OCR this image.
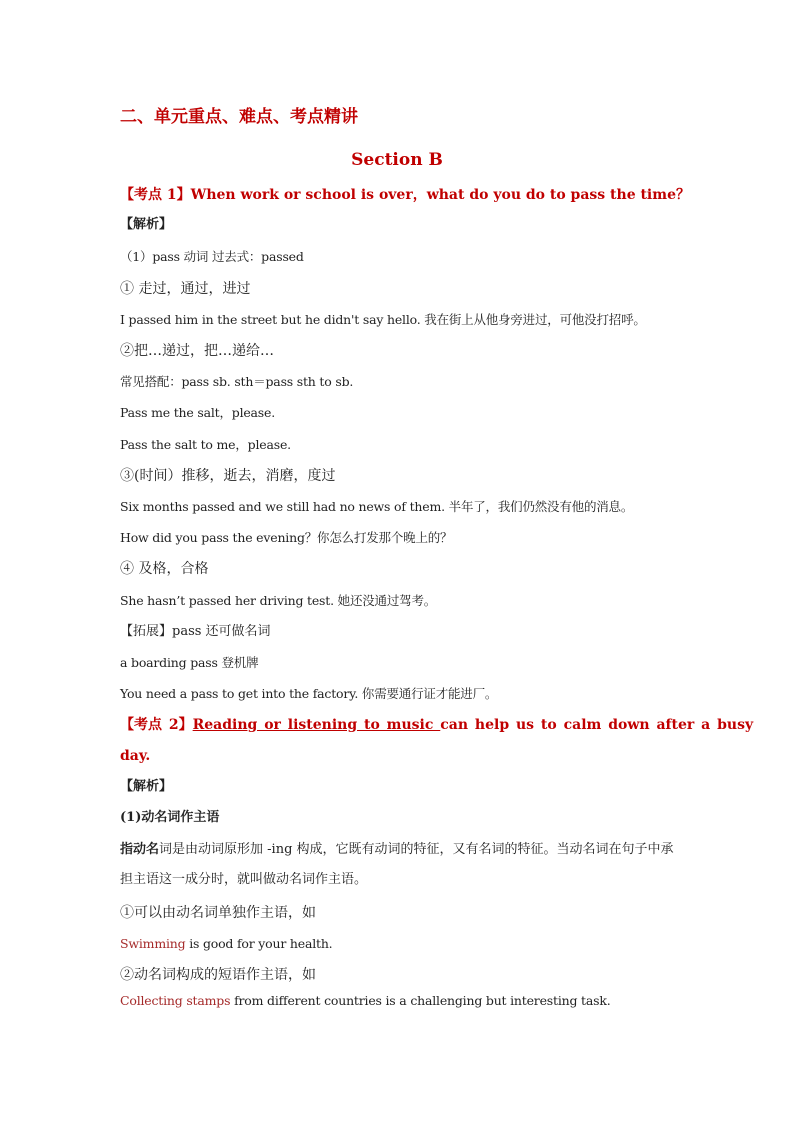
二、单元重点、难点、考点精讲
Section B
【考点 1】When work or school is over，what do you do to pass the time？
【解析】
（1）pass 动词 过去式：passed
① 走过，通过，进过
I passed him in the street but he didn't say hello. 我在街上从他身旁进过，可他没打招呼。
②把…递过，把…递给…
常见搭配：pass sb. sth＝pass sth to sb.
Pass me the salt，please.
Pass the salt to me，please.
③(时间）推移，逝去，消磨，度过
Six months passed and we still had no news of them. 半年了，我们仍然没有他的消息。
How did you pass the evening？你怎么打发那个晚上的？
④ 及格，合格
She hasn’t passed her driving test. 她还没通过驾考。
【拓展】pass 还可做名词
a boarding pass 登机牌
You need a pass to get into the factory. 你需要通行证才能进厂。
【考点 2】Reading or listening to music can help us to calm down after a busy
day.
【解析】
(1)动名词作主语
指动名词是由动词原形加 -ing 构成，它既有动词的特征，又有名词的特征。当动名词在句子中承担主语这一成分时，就叫做动名词作主语。
①可以由动名词单独作主语，如
Swimming is good for your health.
②动名词构成的短语作主语，如
Collecting stamps from different countries is a challenging but interesting task.
